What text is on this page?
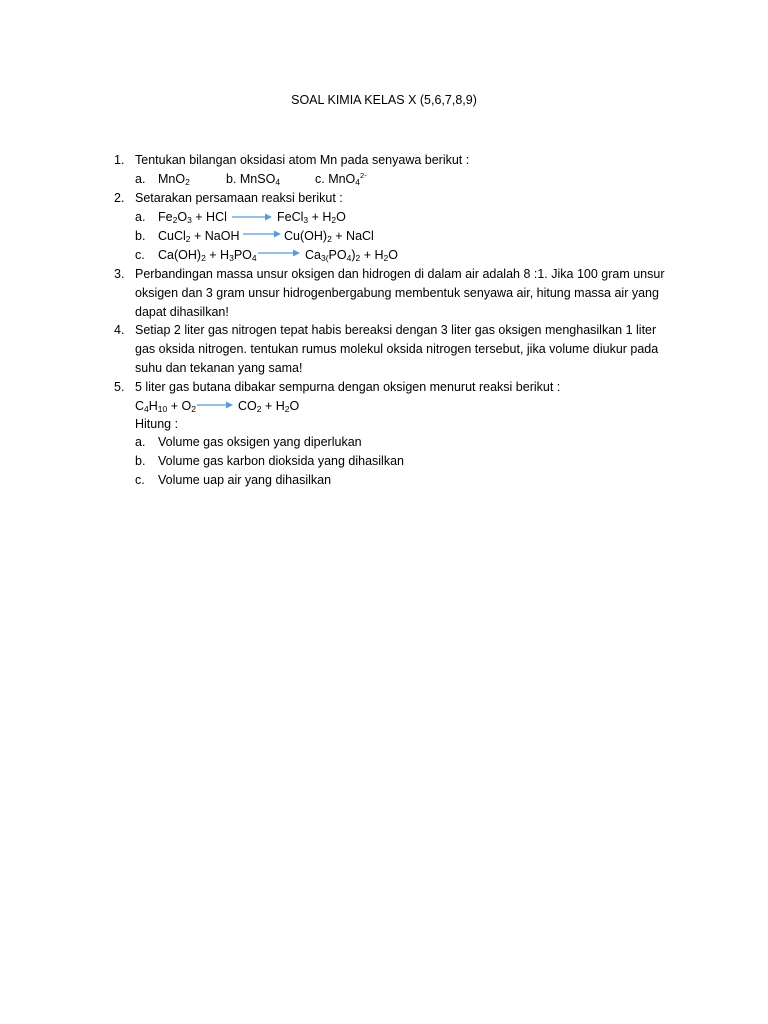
SOAL KIMIA KELAS X (5,6,7,8,9)
1. Tentukan bilangan oksidasi atom Mn pada senyawa berikut :
a. MnO$_2$	b. MnSO$_4$	c. MnO$_4^{2-}$
2. Setarakan persamaan reaksi berikut :
a. $Fe_2O_3$ + HCl	FeCl$_3$ + $H_2O$
b. CuCl$_2$ + NaOH	$Cu(OH)_2$ + NaCl
c. $Ca(OH)_2 + H_3PO_4$	$Ca_{3(}PO_4)_2 + H_2O$
3. Perbandingan massa unsur oksigen dan hidrogen di dalam air adalah 8 :1. Jika 100 gram unsur
oksigen dan 3 gram unsur hidrogenbergabung membentuk senyawa air, hitung massa air yang
dapat dihasilkan!
4. Setiap 2 liter gas nitrogen tepat habis bereaksi dengan 3 liter gas oksigen menghasilkan 1 liter
gas oksida nitrogen. tentukan rumus molekul oksida nitrogen tersebut, jika volume diukur pada
suhu dan tekanan yang sama!
5. 5 liter gas butana dibakar sempurna dengan oksigen menurut reaksi berikut :
$C_4H_{10} + O_2$	$CO_2 + H_2O$
Hitung :
a. Volume gas oksigen yang diperlukan
b. Volume gas karbon dioksida yang dihasilkan
c. Volume uap air yang dihasilkan
